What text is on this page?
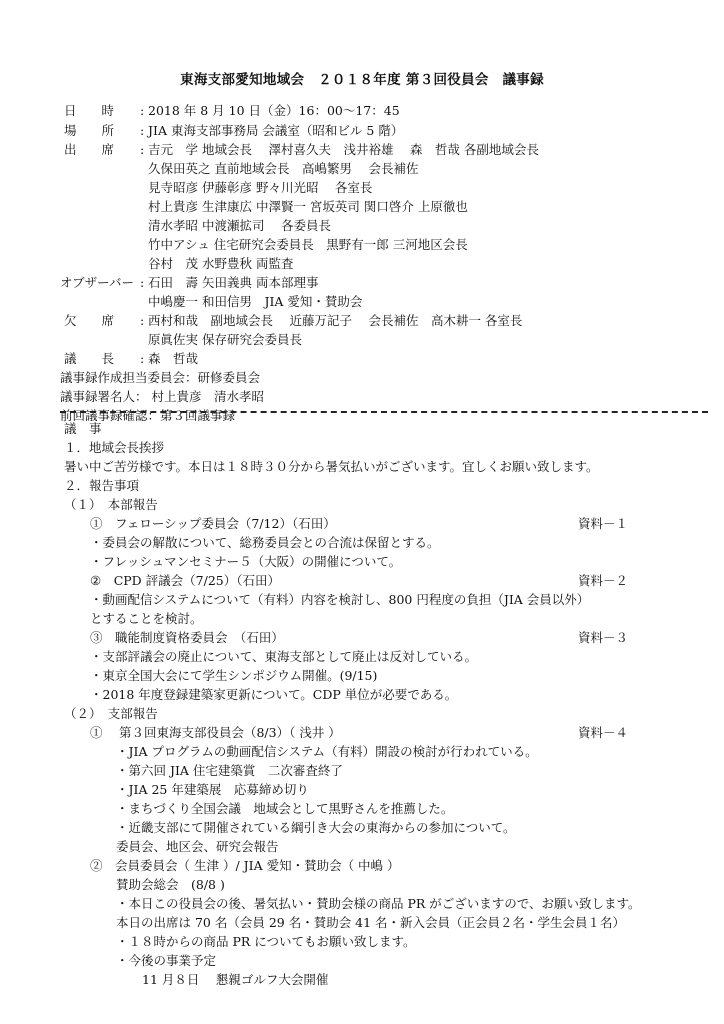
東海支部愛知地域会　２０１８年度 第３回役員会　議事録
日　　時	: 2018 年 8 月 10 日（金）16：00～17：45
場　　所	: JIA 東海支部事務局 会議室（昭和ビル 5 階）
出　　席	: 吉元　学 地域会長　 澤村喜久夫　浅井裕雄　 森　哲哉 各副地域会長
久保田英之 直前地域会長　高嶋繁男　 会長補佐
見寺昭彦 伊藤彰彦 野々川光昭　 各室長
村上貴彦 生津康広 中澤賢一 宮坂英司 関口啓介 上原徹也
清水孝昭 中渡瀬拡司　 各委員長
竹中アシュ 住宅研究会委員長　黒野有一郎 三河地区会長
谷村　茂 水野豊秋 両監査
オブザーバー : 石田　壽 矢田義典 両本部理事
中嶋慶一 和田信男　JIA 愛知・賛助会
欠　　席	: 西村和哉　副地域会長　 近藤万記子　 会長補佐　高木耕一 各室長
原眞佐実 保存研究会委員長
議　　長	: 森　哲哉
議事録作成担当委員会：研修委員会
議事録署名人： 村上貴彦　清水孝昭
前回議事録確認：第３回議事録
議　事
１．地域会長挨拶
暑い中ご苦労様です。本日は１８時３０分から暑気払いがございます。宜しくお願い致します。
２．報告事項
（１）　本部報告
①　フェローシップ委員会（7/12）（石田）	資料－１
・委員会の解散について、総務委員会との合流は保留とする。
・フレッシュマンセミナー５（大阪）の開催について。
②　CPD 評議会（7/25）（石田）	資料－２
・動画配信システムについて（有料）内容を検討し、800 円程度の負担（JIA 会員以外）
とすることを検討。
③　職能制度資格委員会　（石田）	資料－３
・支部評議会の廃止について、東海支部として廃止は反対している。
・東京全国大会にて学生シンポジウム開催。(9/15)
・2018 年度登録建築家更新について。CDP 単位が必要である。
（２）　支部報告
①　 第３回東海支部役員会（8/3）（ 浅井 ）	資料－４
・JIA プログラムの動画配信システム（有料）開設の検討が行われている。
・第六回 JIA 住宅建築賞　二次審査終了
・JIA 25 年建築展　応募締め切り
・まちづくり全国会議　地域会として黒野さんを推薦した。
・近畿支部にて開催されている綱引き大会の東海からの参加について。
委員会、地区会、研究会報告
②　会員委員会（ 生津 ）/ JIA 愛知・賛助会（ 中嶋 ）
賛助会総会　(8/8 )
・本日この役員会の後、暑気払い・賛助会様の商品 PR がございますので、お願い致します。
本日の出席は 70 名（会員 29 名・賛助会 41 名・新入会員（正会員２名・学生会員１名）
・１８時からの商品 PR についてもお願い致します。
・今後の事業予定
11 月８日　 懇親ゴルフ大会開催
